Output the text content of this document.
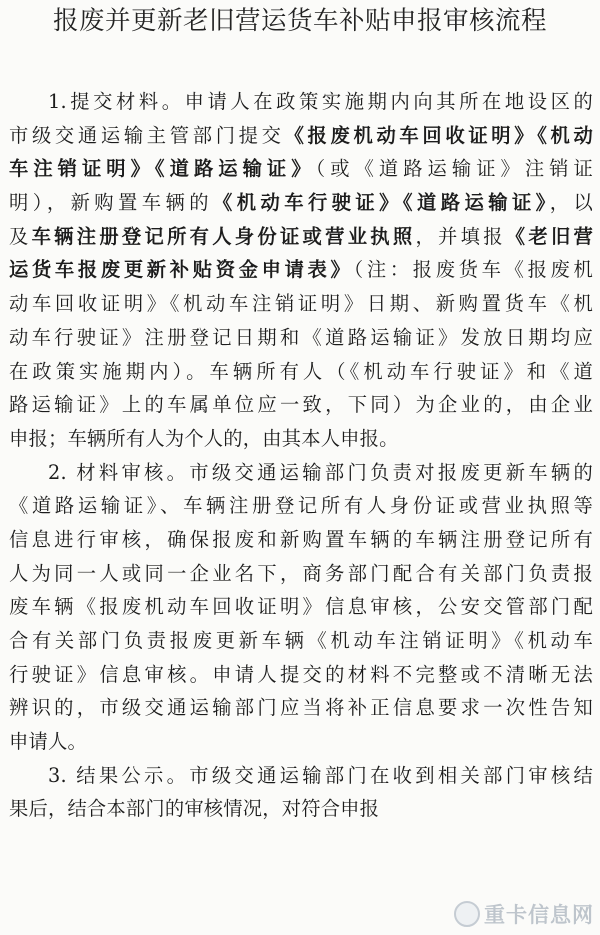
报废并更新老旧营运货车补贴申报审核流程
1.提交材料。申请人在政策实施期内向其所在地设区的
市级交通运输主管部门提交《报废机动车回收证明》《机动
车注销证明》《道路运输证》（或《道路运输证》注销证
明），新购置车辆的《机动车行驶证》《道路运输证》，以
及车辆注册登记所有人身份证或营业执照，并填报《老旧营
运货车报废更新补贴资金申请表》（注：报废货车《报废机
动车回收证明》《机动车注销证明》日期、新购置货车《机
动车行驶证》注册登记日期和《道路运输证》发放日期均应
在政策实施期内）。车辆所有人（《机动车行驶证》和《道
路运输证》上的车属单位应一致，下同）为企业的，由企业
申报；车辆所有人为个人的，由其本人申报。
2. 材料审核。市级交通运输部门负责对报废更新车辆的
《道路运输证》、车辆注册登记所有人身份证或营业执照等
信息进行审核，确保报废和新购置车辆的车辆注册登记所有
人为同一人或同一企业名下，商务部门配合有关部门负责报
废车辆《报废机动车回收证明》信息审核，公安交管部门配
合有关部门负责报废更新车辆《机动车注销证明》《机动车
行驶证》信息审核。申请人提交的材料不完整或不清晰无法
辨识的，市级交通运输部门应当将补正信息要求一次性告知
申请人。
3. 结果公示。市级交通运输部门在收到相关部门审核结
果后，结合本部门的审核情况，对符合申报
重卡信息网
